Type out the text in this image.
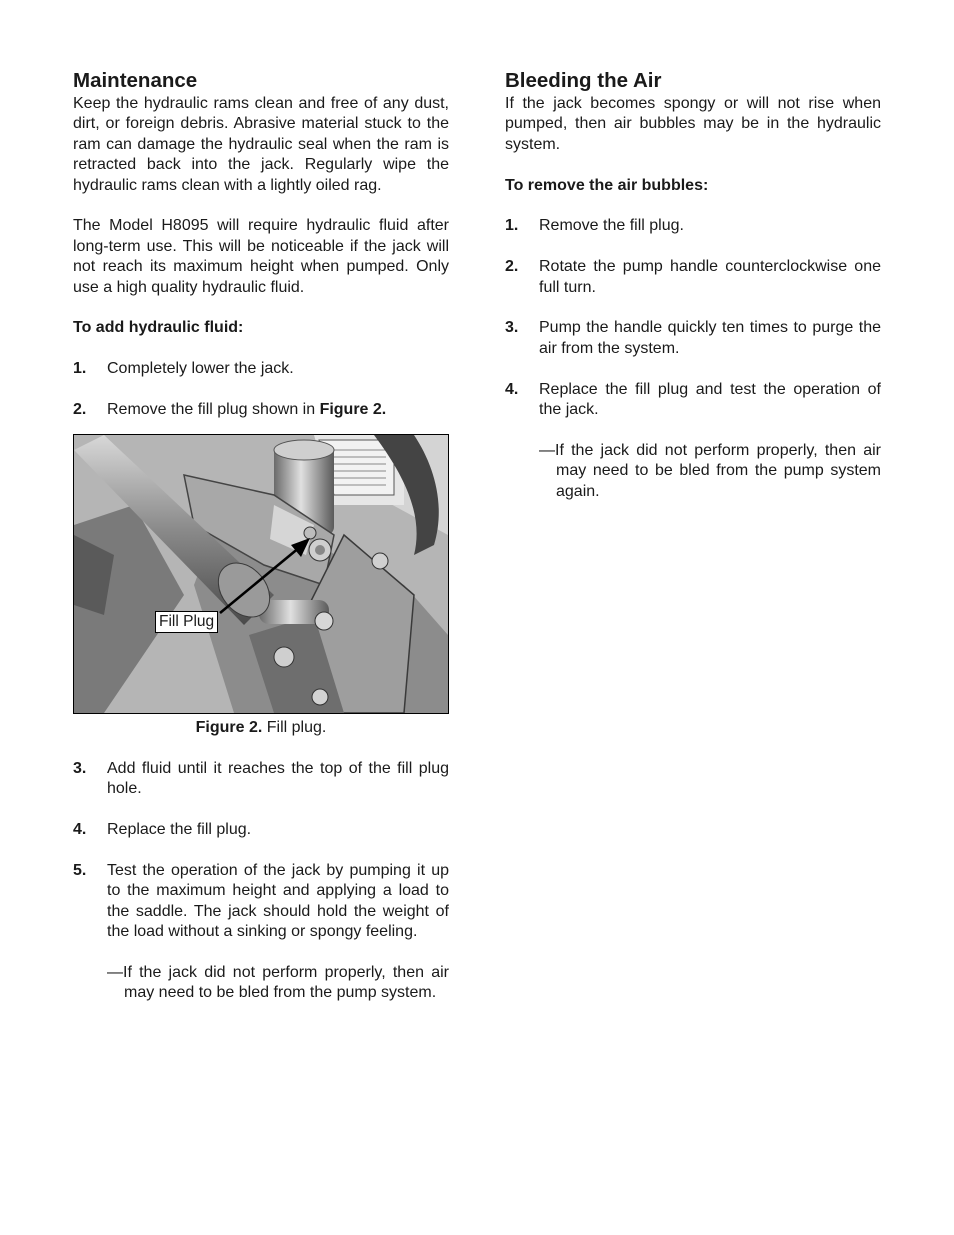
Maintenance

Keep the hydraulic rams clean and free of any dust, dirt, or foreign debris. Abrasive material stuck to the ram can damage the hydraulic seal when the ram is retracted back into the jack. Regularly wipe the hydraulic rams clean with a lightly oiled rag.

The Model H8095 will require hydraulic fluid after long-term use. This will be noticeable if the jack will not reach its maximum height when pumped. Only use a high quality hydraulic fluid.

To add hydraulic fluid:
1. Completely lower the jack.
2. Remove the fill plug shown in Figure 2.
Fill Plug
Figure 2. Fill plug.
3. Add fluid until it reaches the top of the fill plug hole.
4. Replace the fill plug.
5. Test the operation of the jack by pumping it up to the maximum height and applying a load to the saddle. The jack should hold the weight of the load without a sinking or spongy feeling.
—If the jack did not perform properly, then air may need to be bled from the pump system.
Bleeding the Air

If the jack becomes spongy or will not rise when pumped, then air bubbles may be in the hydraulic system.

To remove the air bubbles:
1. Remove the fill plug.
2. Rotate the pump handle counterclockwise one full turn.
3. Pump the handle quickly ten times to purge the air from the system.
4. Replace the fill plug and test the operation of the jack.
—If the jack did not perform properly, then air may need to be bled from the pump system again.
